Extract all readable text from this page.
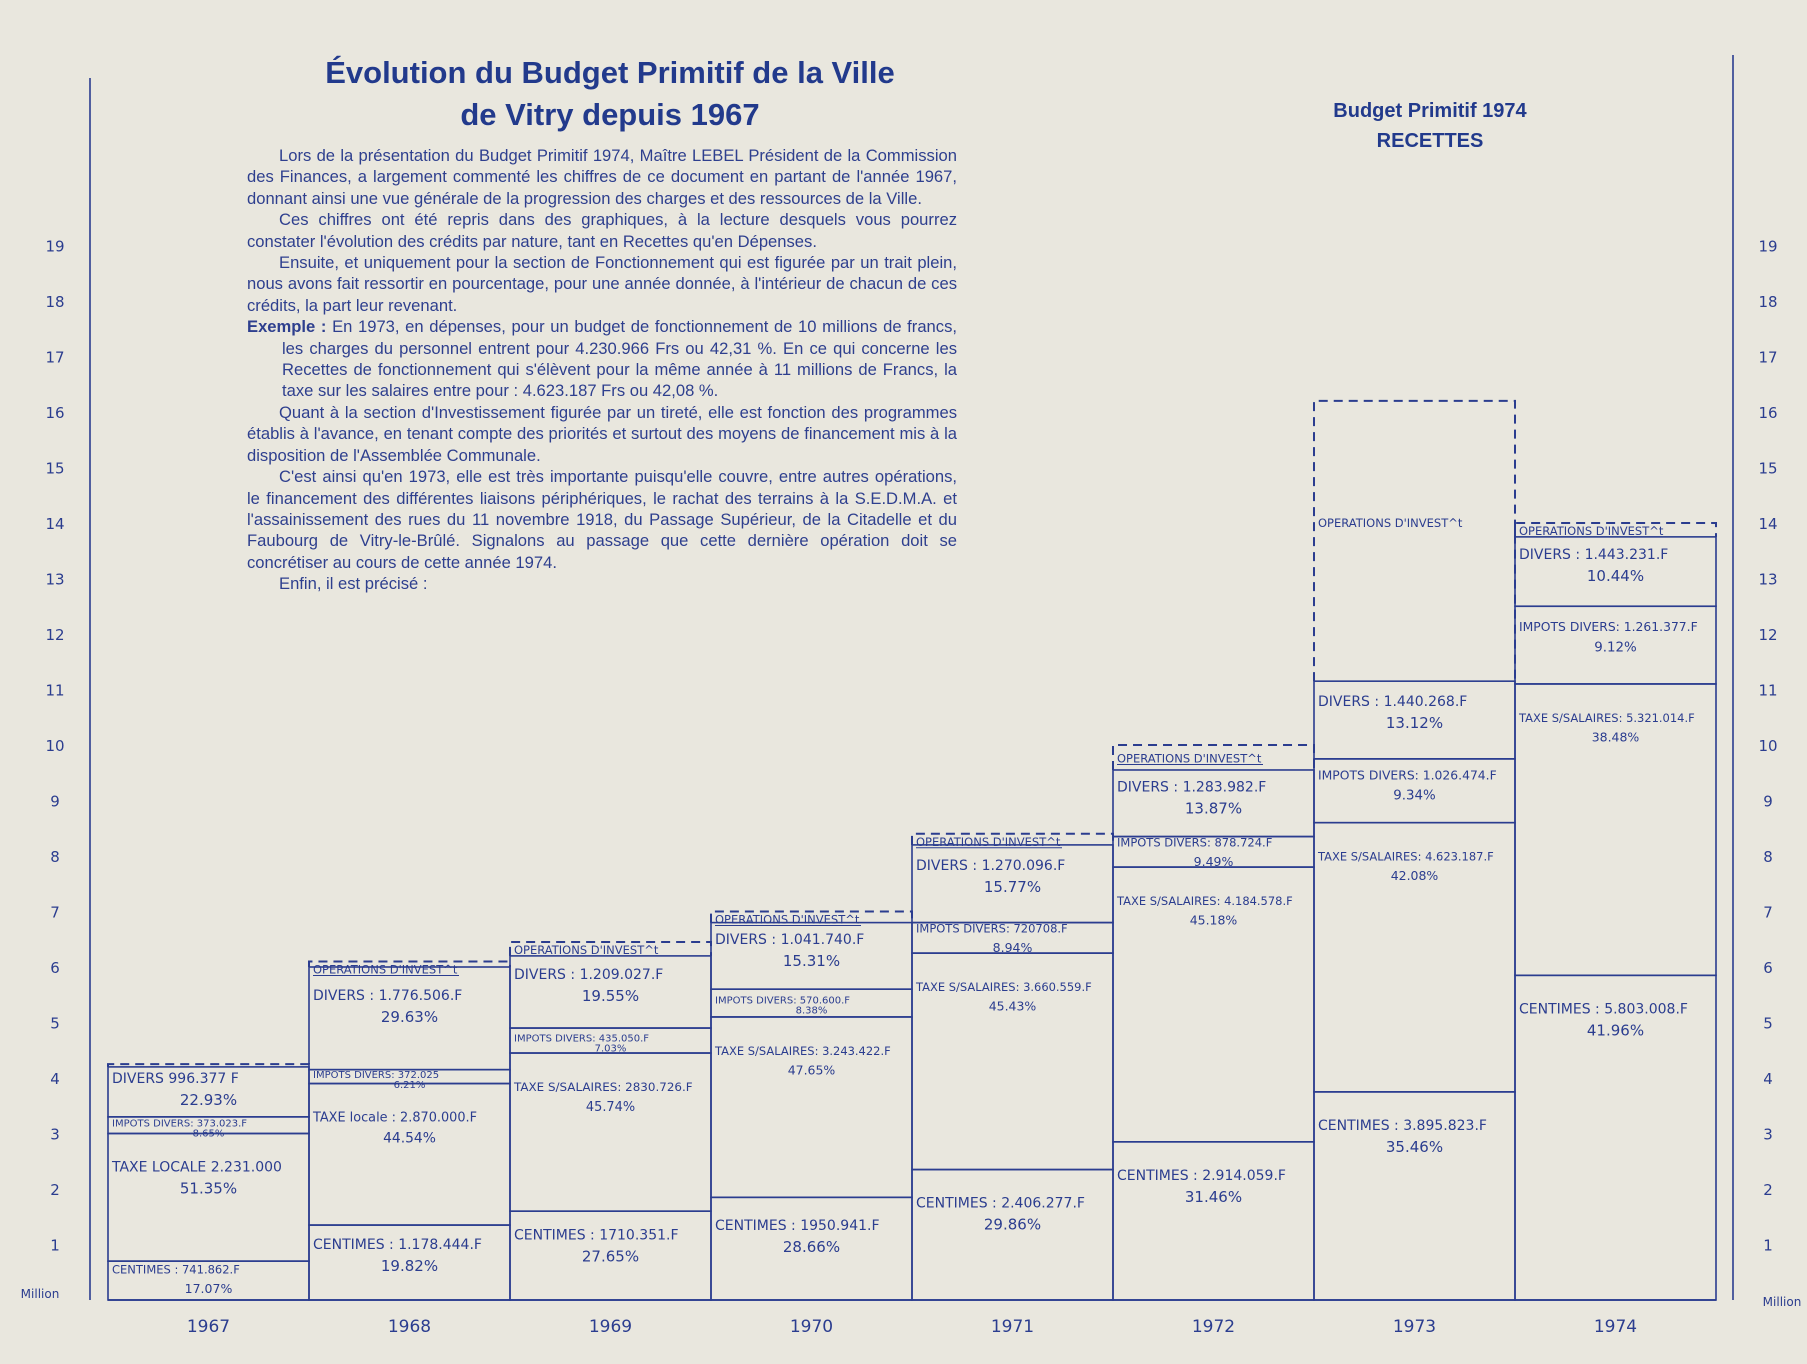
Évolution du Budget Primitif de la Ville
de Vitry depuis 1967	Budget Primitif 1974
RECETTES

Lors de la présentation du Budget Primitif 1974, Maître LEBEL Président de la Commission des Finances, a largement commenté les chiffres de ce document en partant de l'année 1967, donnant ainsi une vue générale de la progression des charges et des ressources de la Ville.

Ces chiffres ont été repris dans des graphiques, à la lecture desquels vous pourrez constater l'évolution des crédits par nature, tant en Recettes qu'en Dépenses.

Ensuite, et uniquement pour la section de Fonctionnement qui est figurée par un trait plein, nous avons fait ressortir en pourcentage, pour une année donnée, à l'intérieur de chacun de ces crédits, la part leur revenant.

Exemple : En 1973, en dépenses, pour un budget de fonctionnement de 10 millions de francs, les charges du personnel entrent pour 4.230.966 Frs ou 42,31 %. En ce qui concerne les Recettes de fonctionnement qui s'élèvent pour la même année à 11 millions de Francs, la taxe sur les salaires entre pour : 4.623.187 Frs ou 42,08 %.

Quant à la section d'Investissement figurée par un tireté, elle est fonction des programmes établis à l'avance, en tenant compte des priorités et surtout des moyens de financement mis à la disposition de l'Assemblée Communale.

C'est ainsi qu'en 1973, elle est très importante puisqu'elle couvre, entre autres opérations, le financement des différentes liaisons périphériques, le rachat des terrains à la S.E.D.M.A. et l'assainissement des rues du 11 novembre 1918, du Passage Supérieur, de la Citadelle et du Faubourg de Vitry-le-Brûlé. Signalons au passage que cette dernière opération doit se concrétiser au cours de cette année 1974.

Enfin, il est précisé :

1
2
3
4
5
6
7
8
9
10
11
12
13
14
15
16
17
18
19
1
2
3
4
5
6
7
8
9
10
11
12
13
14
15
16
17
18
19
Million
Million
CENTIMES : 741.862.F
17.07%
TAXE LOCALE 2.231.000
51.35%
IMPOTS DIVERS: 373.023.F
8.65%
DIVERS 996.377 F
22.93%
1967
CENTIMES : 1.178.444.F
19.82%
TAXE locale : 2.870.000.F
44.54%
IMPOTS DIVERS: 372.025
6.21%
DIVERS : 1.776.506.F
29.63%
OPERATIONS D'INVEST^t
1968
CENTIMES : 1710.351.F
27.65%
TAXE S/SALAIRES: 2830.726.F
45.74%
IMPOTS DIVERS: 435.050.F
7.03%
DIVERS : 1.209.027.F
19.55%
OPERATIONS D'INVEST^t
1969
CENTIMES : 1950.941.F
28.66%
TAXE S/SALAIRES: 3.243.422.F
47.65%
IMPOTS DIVERS: 570.600.F
8.38%
DIVERS : 1.041.740.F
15.31%
OPERATIONS D'INVEST^t
1970
CENTIMES : 2.406.277.F
29.86%
TAXE S/SALAIRES: 3.660.559.F
45.43%
IMPOTS DIVERS: 720708.F
8.94%
DIVERS : 1.270.096.F
15.77%
OPERATIONS D'INVEST^t
1971
CENTIMES : 2.914.059.F
31.46%
TAXE S/SALAIRES: 4.184.578.F
45.18%
IMPOTS DIVERS: 878.724.F
9.49%
DIVERS : 1.283.982.F
13.87%
OPERATIONS D'INVEST^t
1972
CENTIMES : 3.895.823.F
35.46%
TAXE S/SALAIRES: 4.623.187.F
42.08%
IMPOTS DIVERS: 1.026.474.F
9.34%
DIVERS : 1.440.268.F
13.12%
OPERATIONS D'INVEST^t
1973
CENTIMES : 5.803.008.F
41.96%
TAXE S/SALAIRES: 5.321.014.F
38.48%
IMPOTS DIVERS: 1.261.377.F
9.12%
DIVERS : 1.443.231.F
10.44%
OPERATIONS D'INVEST^t
1974
